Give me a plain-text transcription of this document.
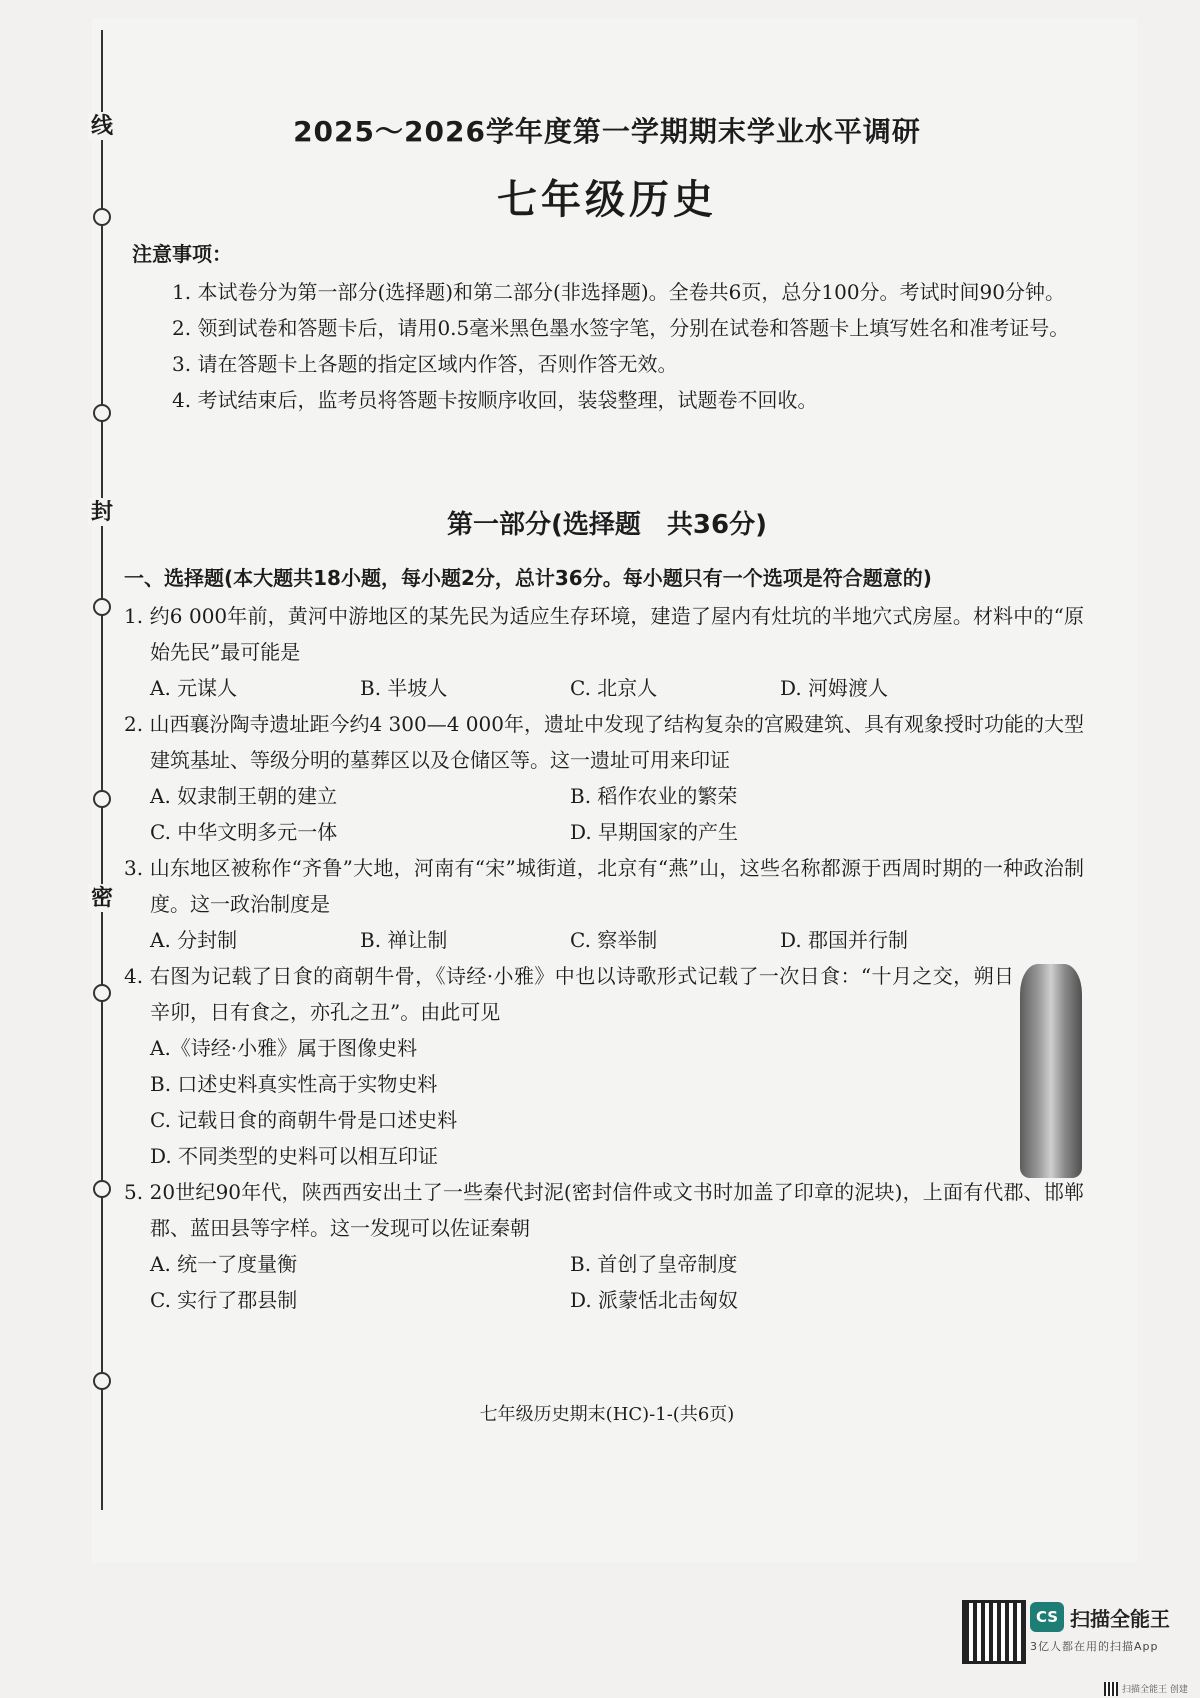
线
封
密
2025～2026学年度第一学期期末学业水平调研
七年级历史
注意事项：

1. 本试卷分为第一部分(选择题)和第二部分(非选择题)。全卷共6页，总分100分。考试时间90分钟。

2. 领到试卷和答题卡后，请用0.5毫米黑色墨水签字笔，分别在试卷和答题卡上填写姓名和准考证号。

3. 请在答题卡上各题的指定区域内作答，否则作答无效。

4. 考试结束后，监考员将答题卡按顺序收回，装袋整理，试题卷不回收。

第一部分(选择题　共36分)
一、选择题(本大题共18小题，每小题2分，总计36分。每小题只有一个选项是符合题意的)
1. 约6 000年前，黄河中游地区的某先民为适应生存环境，建造了屋内有灶坑的半地穴式房屋。材料中的“原始先民”最可能是
A. 元谋人	B. 半坡人	C. 北京人	D. 河姆渡人
2. 山西襄汾陶寺遗址距今约4 300—4 000年，遗址中发现了结构复杂的宫殿建筑、具有观象授时功能的大型建筑基址、等级分明的墓葬区以及仓储区等。这一遗址可用来印证
A. 奴隶制王朝的建立	B. 稻作农业的繁荣
C. 中华文明多元一体	D. 早期国家的产生
3. 山东地区被称作“齐鲁”大地，河南有“宋”城街道，北京有“燕”山，这些名称都源于西周时期的一种政治制度。这一政治制度是
A. 分封制	B. 禅让制	C. 察举制	D. 郡国并行制
4. 右图为记载了日食的商朝牛骨，《诗经·小雅》中也以诗歌形式记载了一次日食：“十月之交，朔日辛卯，日有食之，亦孔之丑”。由此可见
A.《诗经·小雅》属于图像史料
B. 口述史料真实性高于实物史料
C. 记载日食的商朝牛骨是口述史料
D. 不同类型的史料可以相互印证
5. 20世纪90年代，陕西西安出土了一些秦代封泥(密封信件或文书时加盖了印章的泥块)，上面有代郡、邯郸郡、蓝田县等字样。这一发现可以佐证秦朝
A. 统一了度量衡	B. 首创了皇帝制度
C. 实行了郡县制	D. 派蒙恬北击匈奴
七年级历史期末(HC)-1-(共6页)
CS 扫描全能王
3亿人都在用的扫描App
扫描全能王 创建
